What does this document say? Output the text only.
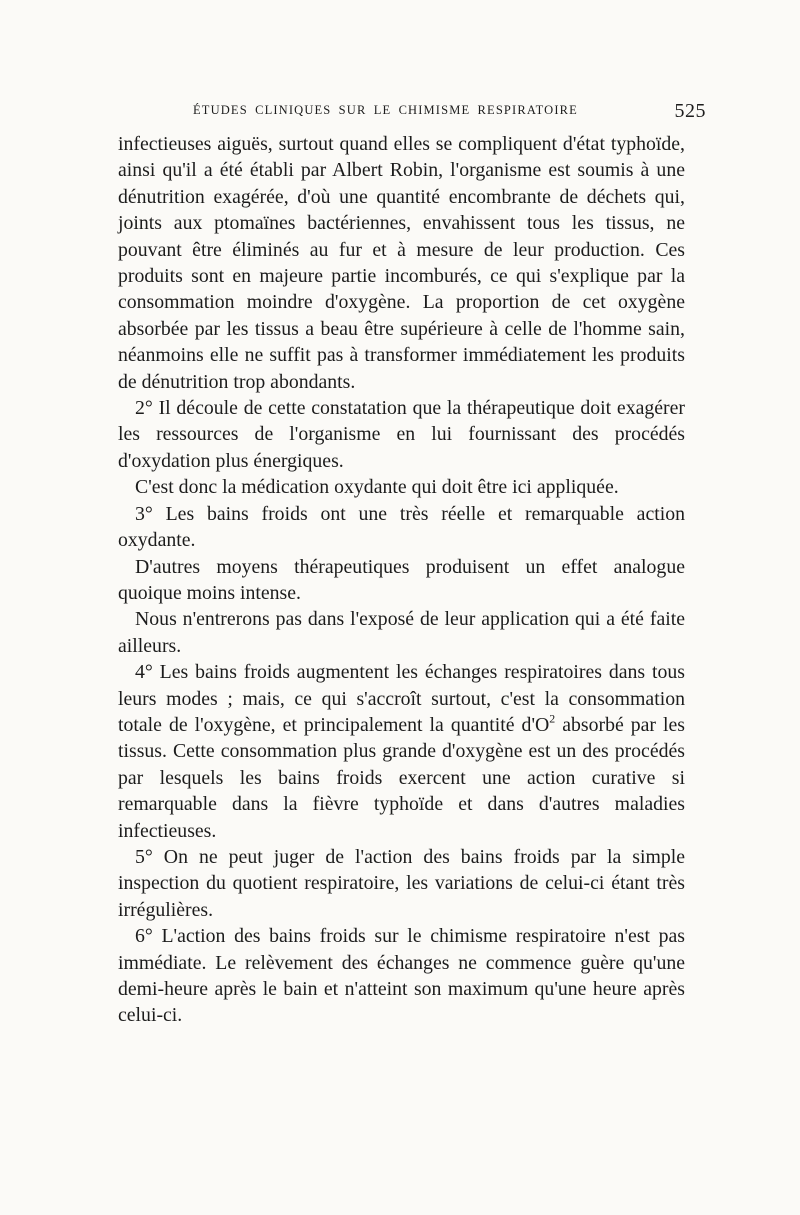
ÉTUDES CLINIQUES SUR LE CHIMISME RESPIRATOIRE	525

infectieuses aiguës, surtout quand elles se compliquent d'état typhoïde, ainsi qu'il a été établi par Albert Robin, l'organisme est soumis à une dénutrition exagérée, d'où une quantité encombrante de déchets qui, joints aux ptomaïnes bactériennes, envahissent tous les tissus, ne pouvant être éliminés au fur et à mesure de leur production. Ces produits sont en majeure partie incomburés, ce qui s'explique par la consommation moindre d'oxygène. La proportion de cet oxygène absorbée par les tissus a beau être supérieure à celle de l'homme sain, néanmoins elle ne suffit pas à transformer immédiatement les produits de dénutrition trop abondants.

2° Il découle de cette constatation que la thérapeutique doit exagérer les ressources de l'organisme en lui fournissant des procédés d'oxydation plus énergiques.

C'est donc la médication oxydante qui doit être ici appliquée.

3° Les bains froids ont une très réelle et remarquable action oxydante.

D'autres moyens thérapeutiques produisent un effet analogue quoique moins intense.

Nous n'entrerons pas dans l'exposé de leur application qui a été faite ailleurs.

4° Les bains froids augmentent les échanges respiratoires dans tous leurs modes ; mais, ce qui s'accroît surtout, c'est la consommation totale de l'oxygène, et principalement la quantité $d'O^2$ absorbé par les tissus. Cette consommation plus grande d'oxygène est un des procédés par lesquels les bains froids exercent une action curative si remarquable dans la fièvre typhoïde et dans d'autres maladies infectieuses.

5° On ne peut juger de l'action des bains froids par la simple inspection du quotient respiratoire, les variations de celui-ci étant très irrégulières.

6° L'action des bains froids sur le chimisme respiratoire n'est pas immédiate. Le relèvement des échanges ne commence guère qu'une demi-heure après le bain et n'atteint son maximum qu'une heure après celui-ci.
